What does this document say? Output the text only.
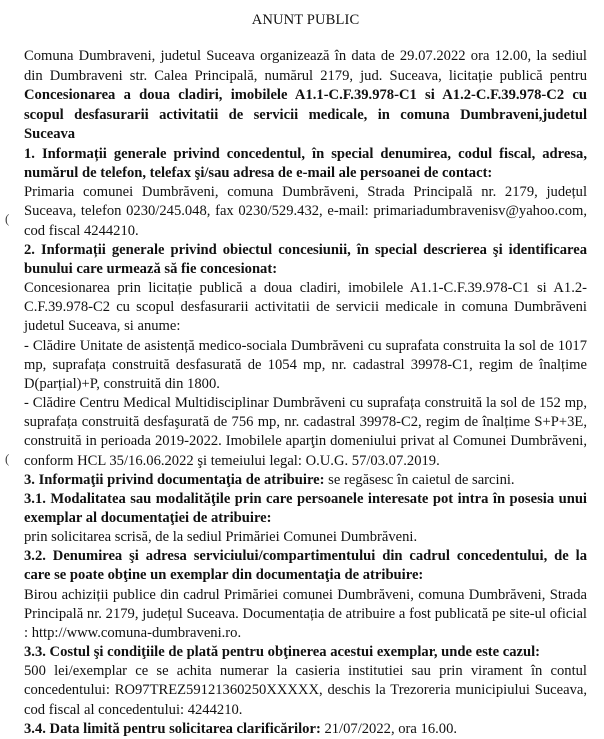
(
(
ANUNT PUBLIC

Comuna Dumbraveni, judetul Suceava organizează în data de 29.07.2022 ora 12.00, la sediul din Dumbraveni str. Calea Principală, numărul 2179, jud. Suceava, licitație publică pentru Concesionarea a doua cladiri, imobilele A1.1-C.F.39.978-C1 si A1.2-C.F.39.978-C2 cu scopul desfasurarii activitatii de servicii medicale, in comuna Dumbraveni,judetul Suceava

1. Informații generale privind concedentul, în special denumirea, codul fiscal, adresa, numărul de telefon, telefax şi/sau adresa de e-mail ale persoanei de contact:

Primaria comunei Dumbrăveni, comuna Dumbrăveni, Strada Principală nr. 2179, județul Suceava, telefon 0230/245.048, fax 0230/529.432, e-mail: primariadumbravenisv@yahoo.com, cod fiscal 4244210.

2. Informații generale privind obiectul concesiunii, în special descrierea şi identificarea bunului care urmează să fie concesionat:

Concesionarea prin licitație publică a doua cladiri, imobilele A1.1-C.F.39.978-C1 si A1.2-C.F.39.978-C2 cu scopul desfasurarii activitatii de servicii medicale in comuna Dumbrăveni judetul Suceava, si anume:

- Clădire Unitate de asistență medico-sociala Dumbrăveni cu suprafata construita la sol de 1017 mp, suprafața construită desfasurată de 1054 mp, nr. cadastral 39978-C1, regim de înalțime D(parțial)+P, construită din 1800.

- Clădire Centru Medical Multidisciplinar Dumbrăveni cu suprafața construită la sol de 152 mp, suprafața construită desfaşurată de 756 mp, nr. cadastral 39978-C2, regim de înalțime S+P+3E, construită in perioada 2019-2022. Imobilele aparţin domeniului privat al Comunei Dumbrăveni, conform HCL 35/16.06.2022 şi temeiului legal: O.U.G. 57/03.07.2019.

3. Informaţii privind documentaţia de atribuire: se regăsesc în caietul de sarcini.

3.1. Modalitatea sau modalităţile prin care persoanele interesate pot intra în posesia unui exemplar al documentaţiei de atribuire:

prin solicitarea scrisă, de la sediul Primăriei Comunei Dumbrăveni.

3.2. Denumirea şi adresa serviciului/compartimentului din cadrul concedentului, de la care se poate obţine un exemplar din documentaţia de atribuire:

Birou achiziții publice din cadrul Primăriei comunei Dumbrăveni, comuna Dumbrăveni, Strada Principală nr. 2179, județul Suceava. Documentația de atribuire a fost publicată pe site-ul oficial : http://www.comuna-dumbraveni.ro.

3.3. Costul şi condiţiile de plată pentru obţinerea acestui exemplar, unde este cazul:

500 lei/exemplar ce se achita numerar la casieria institutiei sau prin virament în contul concedentului: RO97TREZ59121360250XXXXX, deschis la Trezoreria municipiului Suceava, cod fiscal al concedentului: 4244210.

3.4. Data limită pentru solicitarea clarificărilor: 21/07/2022, ora 16.00.
